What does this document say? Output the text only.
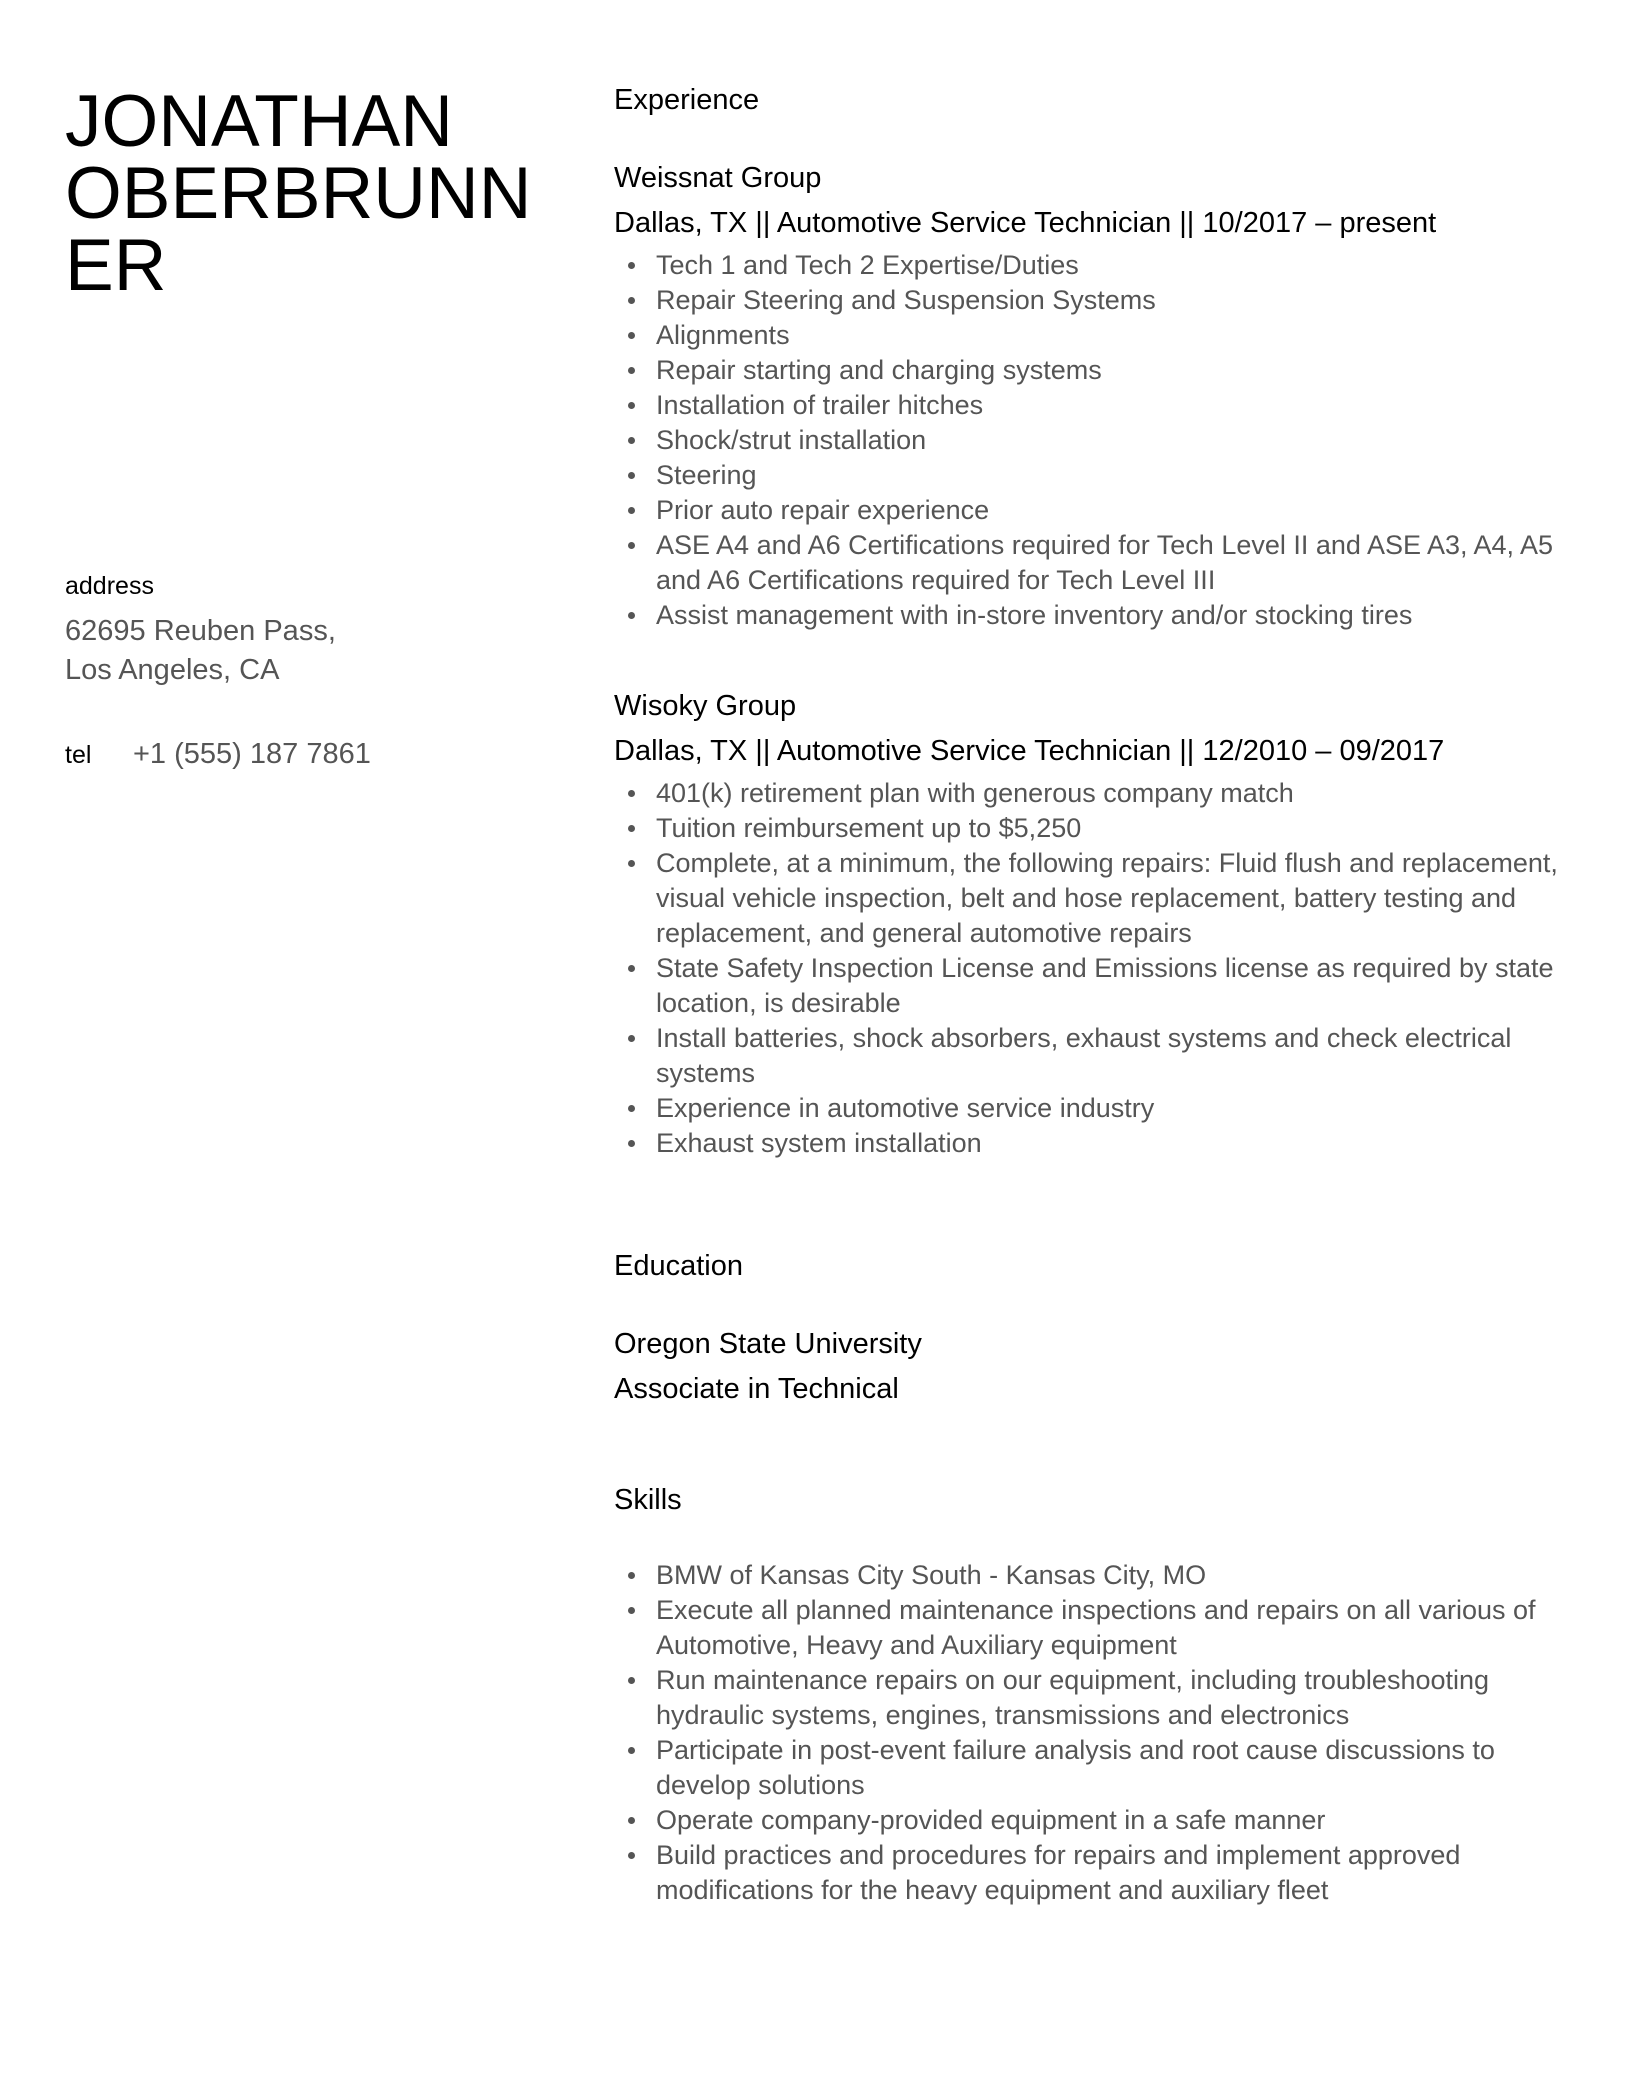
JONATHAN
OBERBRUNN
ER
address
62695 Reuben Pass,
Los Angeles, CA
tel	+1 (555) 187 7861
Experience
Weissnat Group
Dallas, TX || Automotive Service Technician || 10/2017 – present
Tech 1 and Tech 2 Expertise/Duties
Repair Steering and Suspension Systems
Alignments
Repair starting and charging systems
Installation of trailer hitches
Shock/strut installation
Steering
Prior auto repair experience
ASE A4 and A6 Certifications required for Tech Level II and ASE A3, A4, A5 and A6 Certifications required for Tech Level III
Assist management with in-store inventory and/or stocking tires
Wisoky Group
Dallas, TX || Automotive Service Technician || 12/2010 – 09/2017
401(k) retirement plan with generous company match
Tuition reimbursement up to $5,250
Complete, at a minimum, the following repairs: Fluid flush and replacement, visual vehicle inspection, belt and hose replacement, battery testing and replacement, and general automotive repairs
State Safety Inspection License and Emissions license as required by state location, is desirable
Install batteries, shock absorbers, exhaust systems and check electrical systems
Experience in automotive service industry
Exhaust system installation
Education
Oregon State University
Associate in Technical
Skills
BMW of Kansas City South - Kansas City, MO
Execute all planned maintenance inspections and repairs on all various of Automotive, Heavy and Auxiliary equipment
Run maintenance repairs on our equipment, including troubleshooting hydraulic systems, engines, transmissions and electronics
Participate in post-event failure analysis and root cause discussions to develop solutions
Operate company-provided equipment in a safe manner
Build practices and procedures for repairs and implement approved modifications for the heavy equipment and auxiliary fleet
